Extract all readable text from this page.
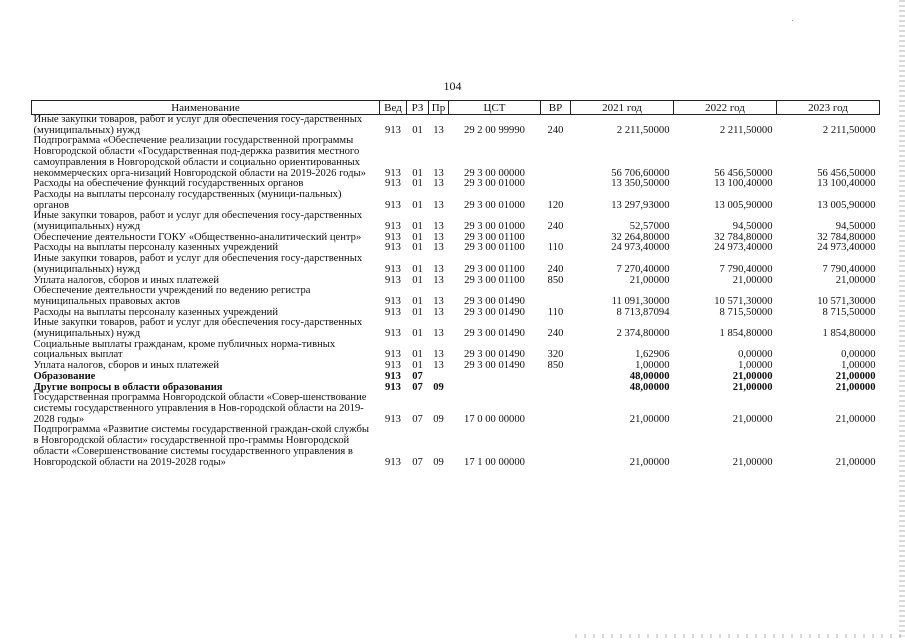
104
Наименование	Вед	РЗ	Пр	ЦСТ	ВР	2021 год	2022 год	2023 год
Иные закупки товаров, работ и услуг для обеспечения госу-дарственных (муниципальных) нужд	913	01	13	29 2 00 99990	240	2 211,50000	2 211,50000	2 211,50000
Подпрограмма «Обеспечение реализации государственной программы Новгородской области «Государственная под-держка развития местного самоуправления в Новгородской области и социально ориентированных некоммерческих орга-низаций Новгородской области на 2019-2026 годы»	913	01	13	29 3 00 00000		56 706,60000	56 456,50000	56 456,50000
Расходы на обеспечение функций государственных органов	913	01	13	29 3 00 01000		13 350,50000	13 100,40000	13 100,40000
Расходы на выплаты персоналу государственных (муници-пальных) органов	913	01	13	29 3 00 01000	120	13 297,93000	13 005,90000	13 005,90000
Иные закупки товаров, работ и услуг для обеспечения госу-дарственных (муниципальных) нужд	913	01	13	29 3 00 01000	240	52,57000	94,50000	94,50000
Обеспечение деятельности ГОКУ «Общественно-аналитический центр»	913	01	13	29 3 00 01100		32 264,80000	32 784,80000	32 784,80000
Расходы на выплаты персоналу казенных учреждений	913	01	13	29 3 00 01100	110	24 973,40000	24 973,40000	24 973,40000
Иные закупки товаров, работ и услуг для обеспечения госу-дарственных (муниципальных) нужд	913	01	13	29 3 00 01100	240	7 270,40000	7 790,40000	7 790,40000
Уплата налогов, сборов и иных платежей	913	01	13	29 3 00 01100	850	21,00000	21,00000	21,00000
Обеспечение деятельности учреждений по ведению регистра муниципальных правовых актов	913	01	13	29 3 00 01490		11 091,30000	10 571,30000	10 571,30000
Расходы на выплаты персоналу казенных учреждений	913	01	13	29 3 00 01490	110	8 713,87094	8 715,50000	8 715,50000
Иные закупки товаров, работ и услуг для обеспечения госу-дарственных (муниципальных) нужд	913	01	13	29 3 00 01490	240	2 374,80000	1 854,80000	1 854,80000
Социальные выплаты гражданам, кроме публичных норма-тивных социальных выплат	913	01	13	29 3 00 01490	320	1,62906	0,00000	0,00000
Уплата налогов, сборов и иных платежей	913	01	13	29 3 00 01490	850	1,00000	1,00000	1,00000
Образование	913	07				48,00000	21,00000	21,00000
Другие вопросы в области образования	913	07	09			48,00000	21,00000	21,00000
Государственная программа Новгородской области «Совер-шенствование системы государственного управления в Нов-городской области на 2019-2028 годы»	913	07	09	17 0 00 00000		21,00000	21,00000	21,00000
Подпрограмма «Развитие системы государственной граждан-ской службы в Новгородской области» государственной про-граммы Новгородской области «Совершенствование системы государственного управления в Новгородской области на 2019-2028 годы»	913	07	09	17 1 00 00000		21,00000	21,00000	21,00000
